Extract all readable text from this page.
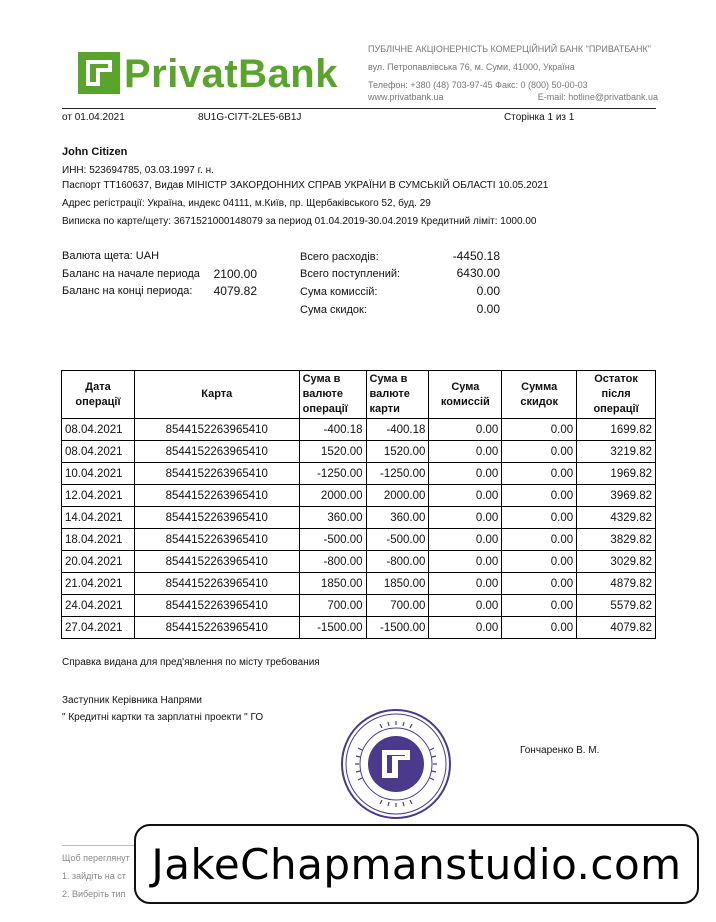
PrivatBank
ПУБЛІЧНЕ АКЦІОНЕРНІСТЬ КОМЕРЦІЙНИЙ БАНК "ПРИВАТБАНК"
вул. Петропавлівська 76, м. Суми, 41000, Україна
Телефон: +380 (48) 703-97-45 Факс: 0 (800) 50-00-03
www.privatbank.ua	E-mail: hotline@privatbank.ua
от 01.04.2021	8U1G-CI7T-2LE5-6B1J	Сторінка 1 из 1
John Citizen
ИНН: 523694785, 03.03.1997 г. н.
Паспорт ТТ160637, Видав МІНІСТР ЗАКОРДОННИХ СПРАВ УКРАЇНИ В СУМСЬКІЙ ОБЛАСТІ 10.05.2021
Адрес регістрації: Україна, индекс 04111, м.Київ, пр. Щербаківського 52, буд. 29
Виписка по карте/щету: 3671521000148079 за период 01.04.2019-30.04.2019 Кредитний ліміт: 1000.00
Валюта щета: UAH
Баланс на начале периода	2100.00
Баланс на конці периода:	4079.82
Всего расходів:	-4450.18
Всего поступлений:	6430.00
Сума комиссій:	0.00
Сума скидок:	0.00
Дата операції	Карта	Сума в валюте операції	Сума в валюте карти	Сума комиссій	Сумма скидок	Остаток після операції
08.04.2021	8544152263965410	-400.18	-400.18	0.00	0.00	1699.82
08.04.2021	8544152263965410	1520.00	1520.00	0.00	0.00	3219.82
10.04.2021	8544152263965410	-1250.00	-1250.00	0.00	0.00	1969.82
12.04.2021	8544152263965410	2000.00	2000.00	0.00	0.00	3969.82
14.04.2021	8544152263965410	360.00	360.00	0.00	0.00	4329.82
18.04.2021	8544152263965410	-500.00	-500.00	0.00	0.00	3829.82
20.04.2021	8544152263965410	-800.00	-800.00	0.00	0.00	3029.82
21.04.2021	8544152263965410	1850.00	1850.00	0.00	0.00	4879.82
24.04.2021	8544152263965410	700.00	700.00	0.00	0.00	5579.82
27.04.2021	8544152263965410	-1500.00	-1500.00	0.00	0.00	4079.82
Справка видана для пред'явлення по місту требования
Заступник Керівника Напрями
" Кредитні картки та зарплатні проекти " ГО
Гончаренко В. М.
Щоб переглянут
1. зайдіть на ст
2. Виберіть тип
JakeChapmanstudio.com
